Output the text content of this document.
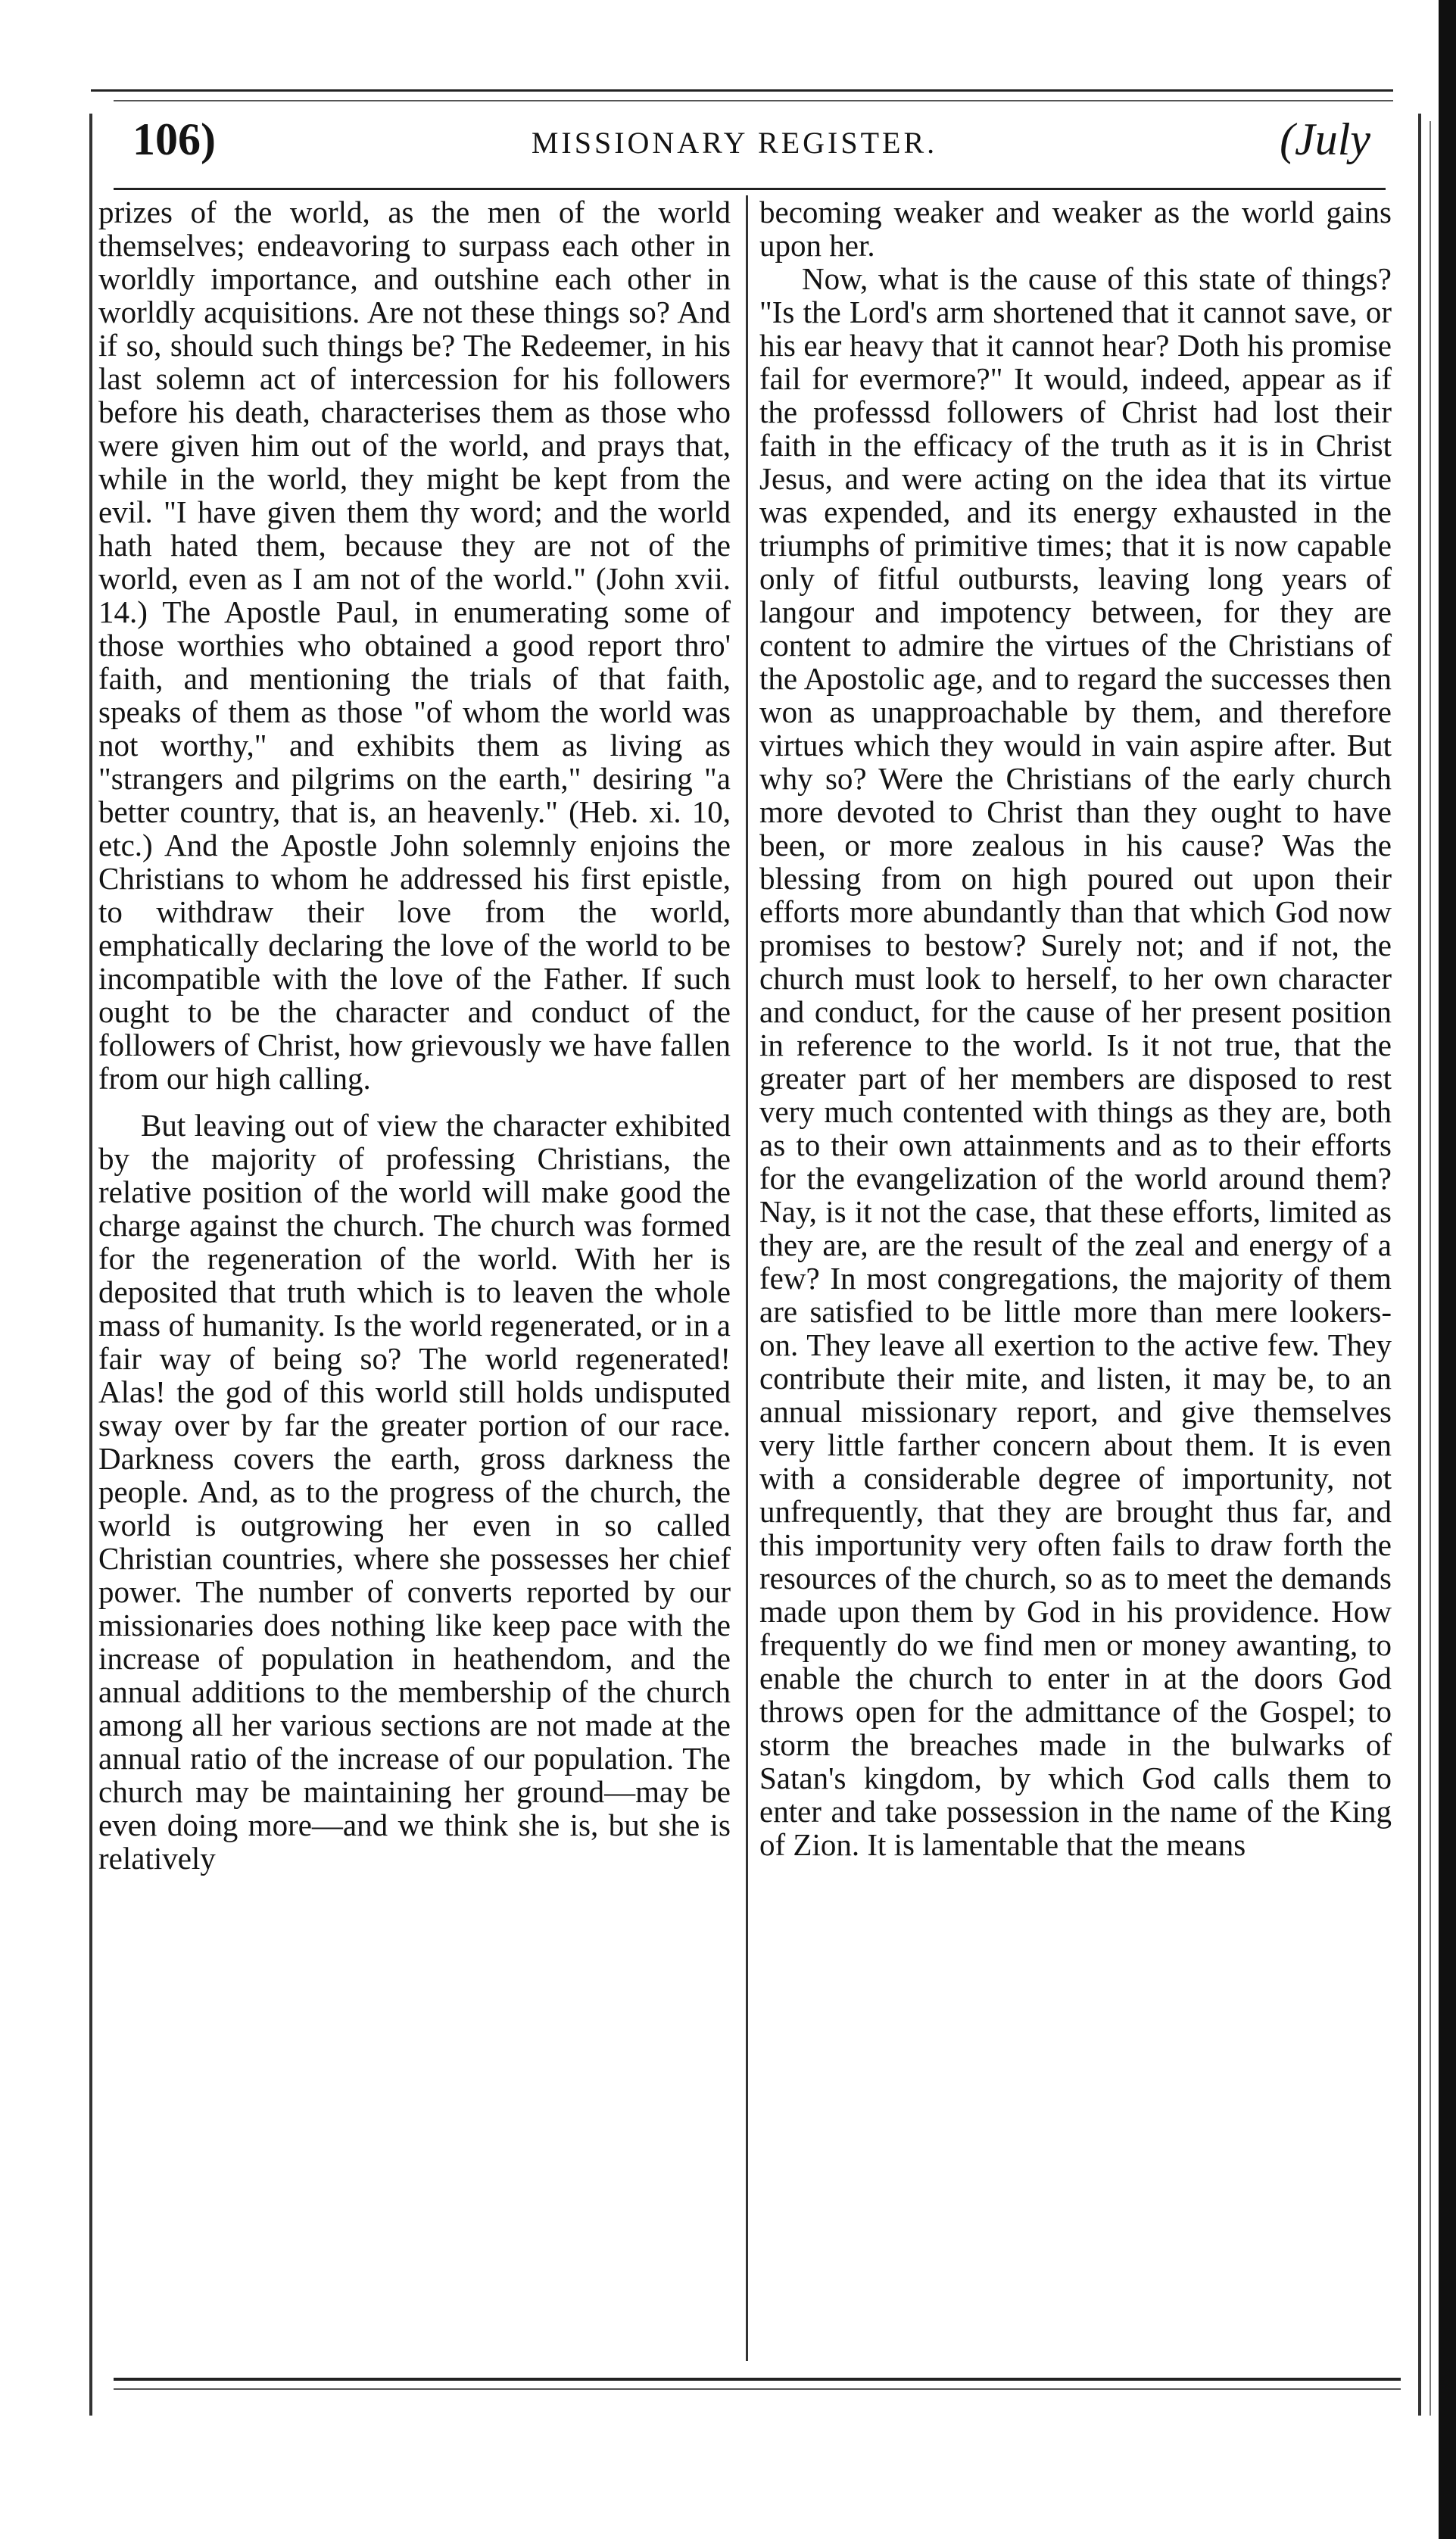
106)	MISSIONARY REGISTER.	(July

prizes of the world, as the men of the world themselves; endeavoring to surpass each other in worldly importance, and outshine each other in worldly acquisitions. Are not these things so? And if so, should such things be? The Redeemer, in his last solemn act of intercession for his followers before his death, characterises them as those who were given him out of the world, and prays that, while in the world, they might be kept from the evil. "I have given them thy word; and the world hath hated them, because they are not of the world, even as I am not of the world." (John xvii. 14.) The Apostle Paul, in enumerating some of those worthies who obtained a good report thro' faith, and mentioning the trials of that faith, speaks of them as those "of whom the world was not worthy," and exhibits them as living as "strangers and pilgrims on the earth," desiring "a better country, that is, an heavenly." (Heb. xi. 10, etc.) And the Apostle John solemnly enjoins the Christians to whom he addressed his first epistle, to withdraw their love from the world, emphatically declaring the love of the world to be incompatible with the love of the Father. If such ought to be the character and conduct of the followers of Christ, how grievously we have fallen from our high calling.

But leaving out of view the character exhibited by the majority of professing Christians, the relative position of the world will make good the charge against the church. The church was formed for the regeneration of the world. With her is deposited that truth which is to leaven the whole mass of humanity. Is the world regenerated, or in a fair way of being so? The world regenerated! Alas! the god of this world still holds undisputed sway over by far the greater portion of our race. Darkness covers the earth, gross darkness the people. And, as to the progress of the church, the world is outgrowing her even in so called Christian countries, where she possesses her chief power. The number of converts reported by our missionaries does nothing like keep pace with the increase of population in heathendom, and the annual additions to the membership of the church among all her various sections are not made at the annual ratio of the increase of our population. The church may be maintaining her ground—may be even doing more—and we think she is, but she is relatively

becoming weaker and weaker as the world gains upon her.

Now, what is the cause of this state of things? "Is the Lord's arm shortened that it cannot save, or his ear heavy that it cannot hear? Doth his promise fail for evermore?" It would, indeed, appear as if the professsd followers of Christ had lost their faith in the efficacy of the truth as it is in Christ Jesus, and were acting on the idea that its virtue was expended, and its energy exhausted in the triumphs of primitive times; that it is now capable only of fitful outbursts, leaving long years of langour and impotency between, for they are content to admire the virtues of the Christians of the Apostolic age, and to regard the successes then won as unapproachable by them, and therefore virtues which they would in vain aspire after. But why so? Were the Christians of the early church more devoted to Christ than they ought to have been, or more zealous in his cause? Was the blessing from on high poured out upon their efforts more abundantly than that which God now promises to bestow? Surely not; and if not, the church must look to herself, to her own character and conduct, for the cause of her present position in reference to the world. Is it not true, that the greater part of her members are disposed to rest very much contented with things as they are, both as to their own attainments and as to their efforts for the evangelization of the world around them? Nay, is it not the case, that these efforts, limited as they are, are the result of the zeal and energy of a few? In most congregations, the majority of them are satisfied to be little more than mere lookers-on. They leave all exertion to the active few. They contribute their mite, and listen, it may be, to an annual missionary report, and give themselves very little farther concern about them. It is even with a considerable degree of importunity, not unfrequently, that they are brought thus far, and this importunity very often fails to draw forth the resources of the church, so as to meet the demands made upon them by God in his providence. How frequently do we find men or money awanting, to enable the church to enter in at the doors God throws open for the admittance of the Gospel; to storm the breaches made in the bulwarks of Satan's kingdom, by which God calls them to enter and take possession in the name of the King of Zion. It is lamentable that the means
